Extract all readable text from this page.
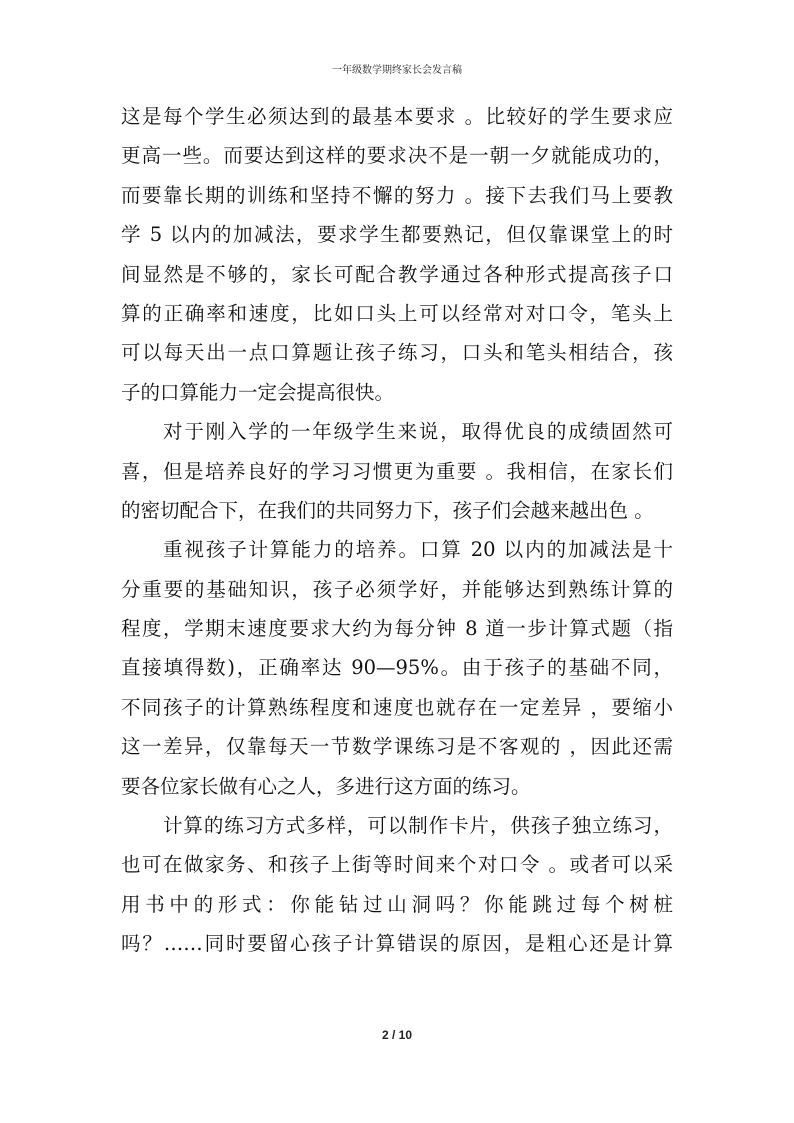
一年级数学期终家长会发言稿
这是每个学生必须达到的最基本要求 。比较好的学生要求应
更高一些。而要达到这样的要求决不是一朝一夕就能成功的，
而要靠长期的训练和坚持不懈的努力 。接下去我们马上要教
学 5 以内的加减法，要求学生都要熟记，但仅靠课堂上的时
间显然是不够的，家长可配合教学通过各种形式提高孩子口
算的正确率和速度，比如口头上可以经常对对口令，笔头上
可以每天出一点口算题让孩子练习，口头和笔头相结合，孩
子的口算能力一定会提高很快。
对于刚入学的一年级学生来说，取得优良的成绩固然可
喜，但是培养良好的学习习惯更为重要 。我相信，在家长们
的密切配合下，在我们的共同努力下，孩子们会越来越出色 。
重视孩子计算能力的培养。口算 20 以内的加减法是十
分重要的基础知识，孩子必须学好，并能够达到熟练计算的
程度，学期末速度要求大约为每分钟 8 道一步计算式题（指
直接填得数)，正确率达 90—95%。由于孩子的基础不同，
不同孩子的计算熟练程度和速度也就存在一定差异 ，要缩小
这一差异，仅靠每天一节数学课练习是不客观的 ，因此还需
要各位家长做有心之人，多进行这方面的练习。
计算的练习方式多样，可以制作卡片，供孩子独立练习，
也可在做家务、和孩子上街等时间来个对口令 。或者可以采
用书中的形式：你能钻过山洞吗？你能跳过每个树桩
吗？……同时要留心孩子计算错误的原因，是粗心还是计算
2 / 10
